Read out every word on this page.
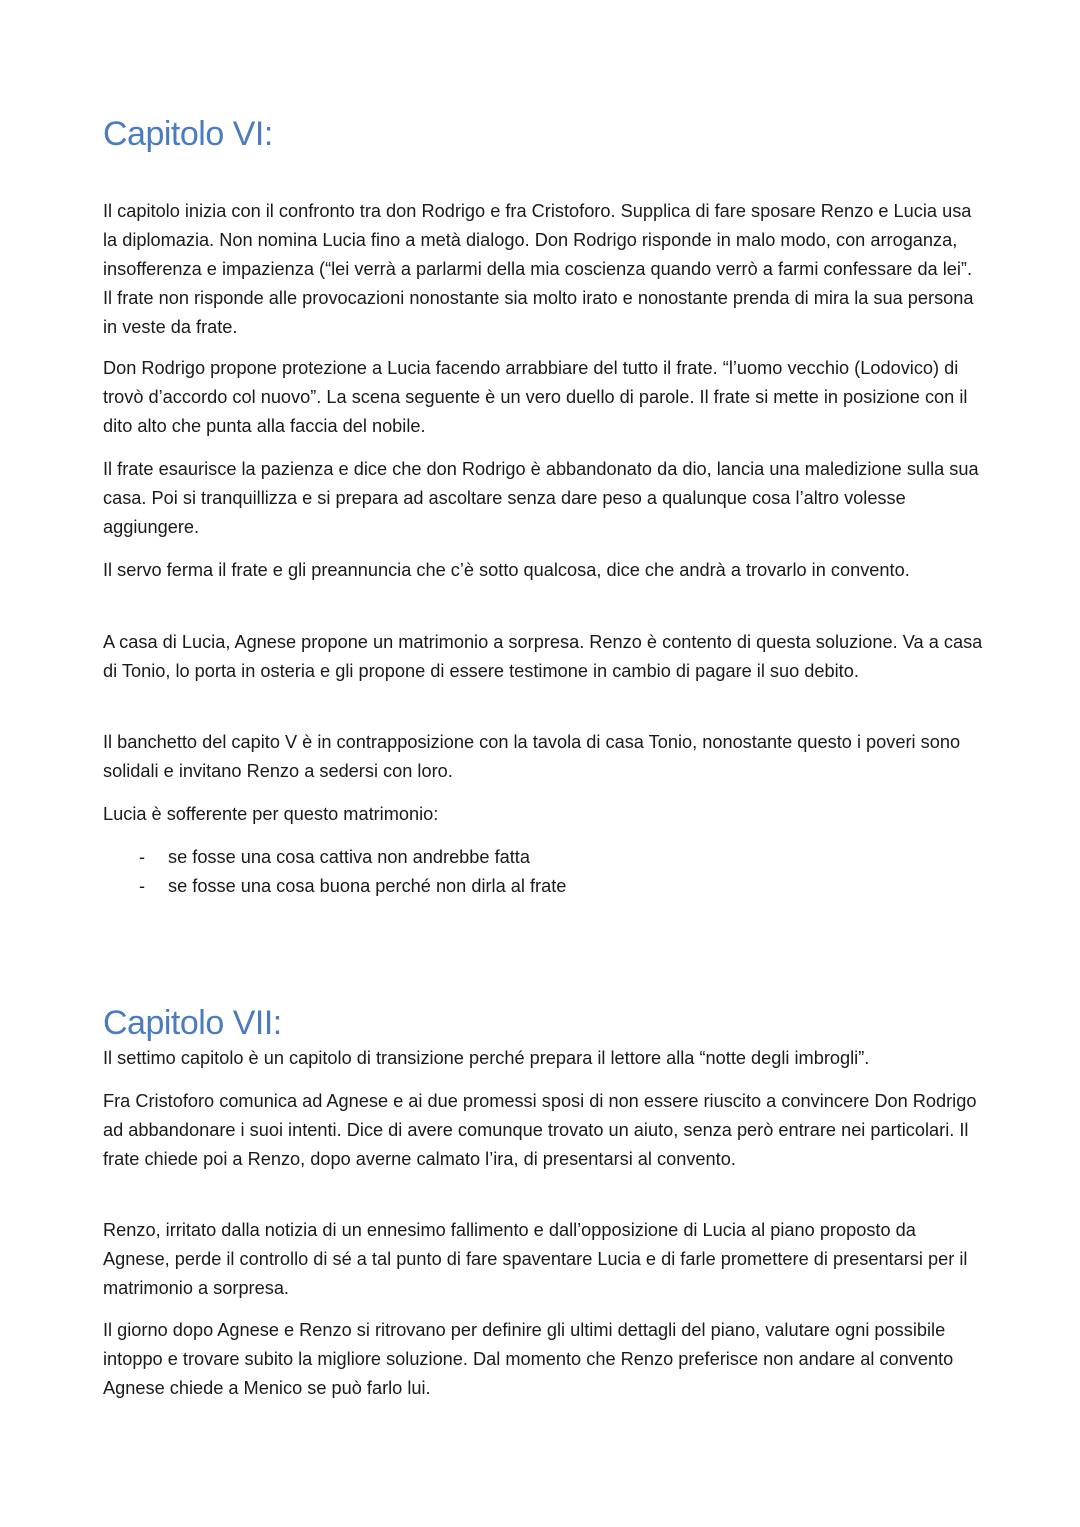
Capitolo VI:

Il capitolo inizia con il confronto tra don Rodrigo e fra Cristoforo. Supplica di fare sposare Renzo e Lucia usa la diplomazia. Non nomina Lucia fino a metà dialogo. Don Rodrigo risponde in malo modo, con arroganza, insofferenza e impazienza (“lei verrà a parlarmi della mia coscienza quando verrò a farmi confessare da lei”. Il frate non risponde alle provocazioni nonostante sia molto irato e nonostante prenda di mira la sua persona in veste da frate.

Don Rodrigo propone protezione a Lucia facendo arrabbiare del tutto il frate. “l’uomo vecchio (Lodovico) di trovò d’accordo col nuovo”. La scena seguente è un vero duello di parole. Il frate si mette in posizione con il dito alto che punta alla faccia del nobile.

Il frate esaurisce la pazienza e dice che don Rodrigo è abbandonato da dio, lancia una maledizione sulla sua casa. Poi si tranquillizza e si prepara ad ascoltare senza dare peso a qualunque cosa l’altro volesse aggiungere.

Il servo ferma il frate e gli preannuncia che c’è sotto qualcosa, dice che andrà a trovarlo in convento.

A casa di Lucia, Agnese propone un matrimonio a sorpresa. Renzo è contento di questa soluzione. Va a casa di Tonio, lo porta in osteria e gli propone di essere testimone in cambio di pagare il suo debito.

Il banchetto del capito V è in contrapposizione con la tavola di casa Tonio, nonostante questo i poveri sono solidali e invitano Renzo a sedersi con loro.

Lucia è sofferente per questo matrimonio:

- se fosse una cosa cattiva non andrebbe fatta
- se fosse una cosa buona perché non dirla al frate
Capitolo VII:

Il settimo capitolo è un capitolo di transizione perché prepara il lettore alla “notte degli imbrogli”.

Fra Cristoforo comunica ad Agnese e ai due promessi sposi di non essere riuscito a convincere Don Rodrigo ad abbandonare i suoi intenti. Dice di avere comunque trovato un aiuto, senza però entrare nei particolari. Il frate chiede poi a Renzo, dopo averne calmato l’ira, di presentarsi al convento.

Renzo, irritato dalla notizia di un ennesimo fallimento e dall’opposizione di Lucia al piano proposto da Agnese, perde il controllo di sé a tal punto di fare spaventare Lucia e di farle promettere di presentarsi per il matrimonio a sorpresa.

Il giorno dopo Agnese e Renzo si ritrovano per definire gli ultimi dettagli del piano, valutare ogni possibile intoppo e trovare subito la migliore soluzione. Dal momento che Renzo preferisce non andare al convento Agnese chiede a Menico se può farlo lui.
